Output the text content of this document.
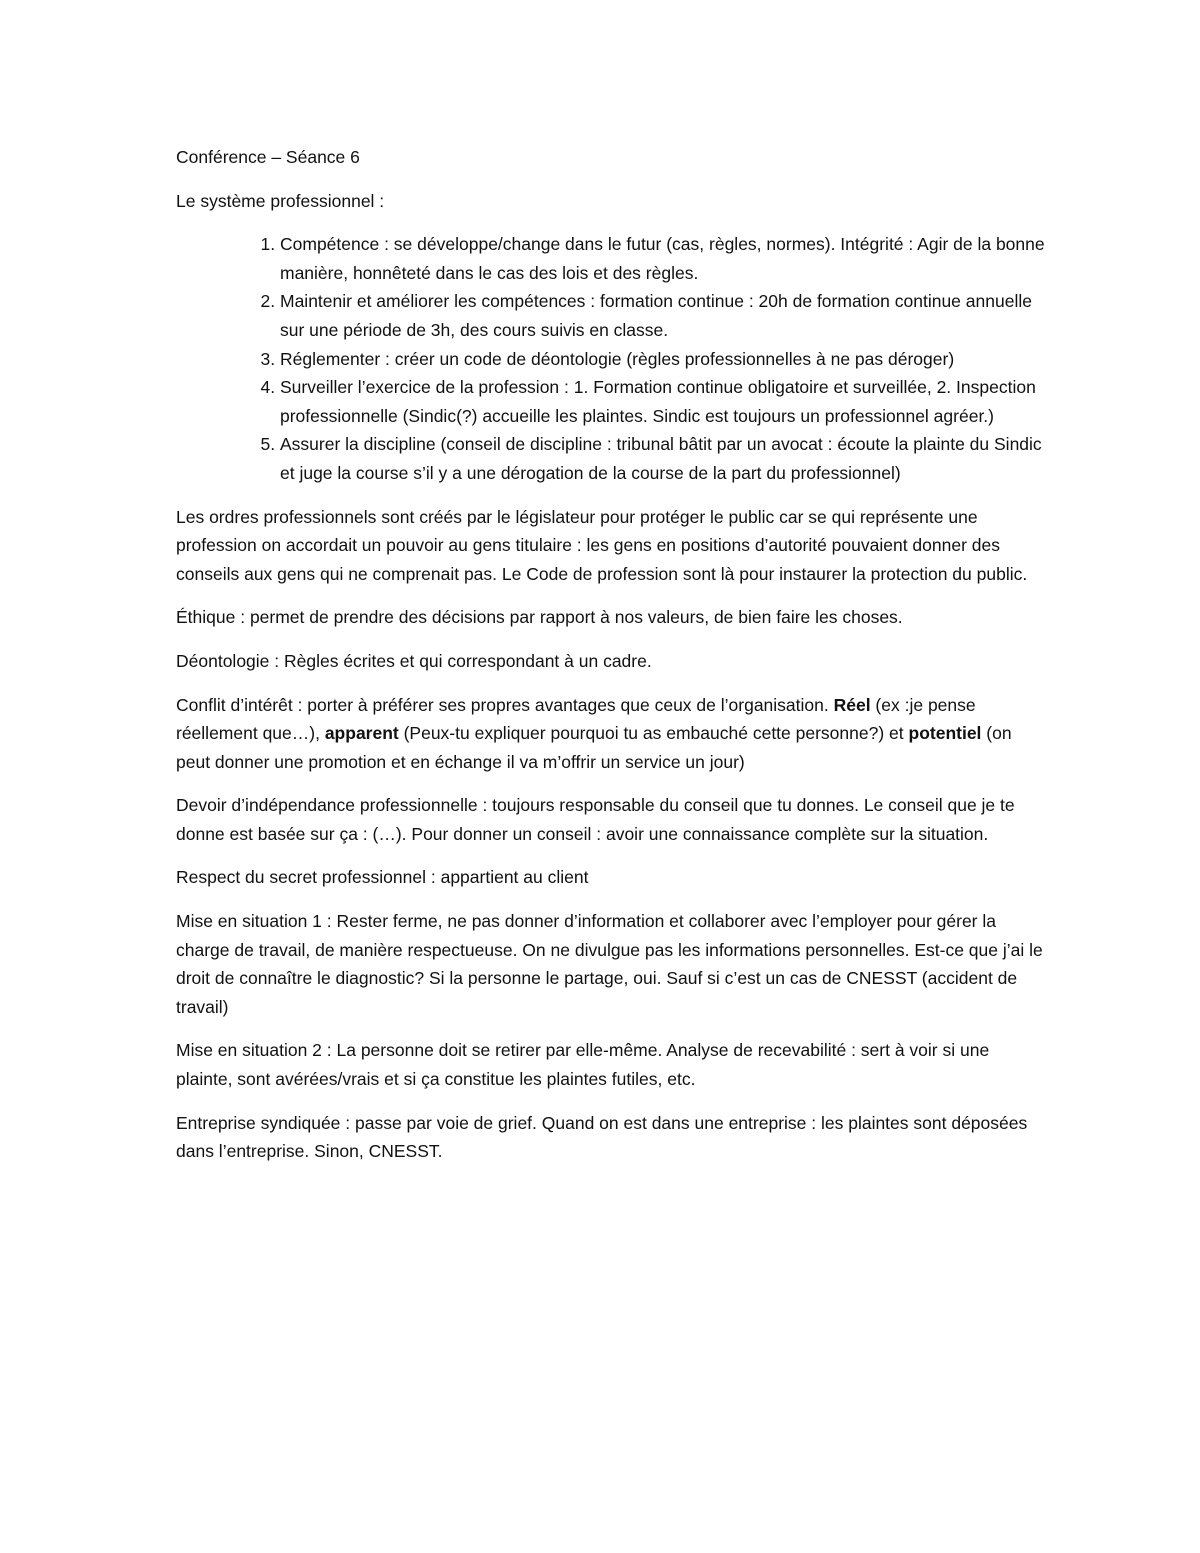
Conférence – Séance 6

Le système professionnel :

1. Compétence : se développe/change dans le futur (cas, règles, normes). Intégrité : Agir de la bonne manière, honnêteté dans le cas des lois et des règles.
2. Maintenir et améliorer les compétences : formation continue : 20h de formation continue annuelle sur une période de 3h, des cours suivis en classe.
3. Réglementer : créer un code de déontologie (règles professionnelles à ne pas déroger)
4. Surveiller l’exercice de la profession : 1. Formation continue obligatoire et surveillée, 2. Inspection professionnelle (Sindic(?) accueille les plaintes. Sindic est toujours un professionnel agréer.)
5. Assurer la discipline (conseil de discipline : tribunal bâtit par un avocat : écoute la plainte du Sindic et juge la course s’il y a une dérogation de la course de la part du professionnel)

Les ordres professionnels sont créés par le législateur pour protéger le public car se qui représente une profession on accordait un pouvoir au gens titulaire : les gens en positions d’autorité pouvaient donner des conseils aux gens qui ne comprenait pas. Le Code de profession sont là pour instaurer la protection du public.

Éthique : permet de prendre des décisions par rapport à nos valeurs, de bien faire les choses.

Déontologie : Règles écrites et qui correspondant à un cadre.

Conflit d’intérêt : porter à préférer ses propres avantages que ceux de l’organisation. Réel (ex :je pense réellement que…), apparent (Peux-tu expliquer pourquoi tu as embauché cette personne?) et potentiel (on peut donner une promotion et en échange il va m’offrir un service un jour)

Devoir d’indépendance professionnelle : toujours responsable du conseil que tu donnes. Le conseil que je te donne est basée sur ça : (…). Pour donner un conseil : avoir une connaissance complète sur la situation.

Respect du secret professionnel : appartient au client

Mise en situation 1 : Rester ferme, ne pas donner d’information et collaborer avec l’employer pour gérer la charge de travail, de manière respectueuse. On ne divulgue pas les informations personnelles. Est-ce que j’ai le droit de connaître le diagnostic? Si la personne le partage, oui. Sauf si c’est un cas de CNESST (accident de travail)

Mise en situation 2 : La personne doit se retirer par elle-même. Analyse de recevabilité : sert à voir si une plainte, sont avérées/vrais et si ça constitue les plaintes futiles, etc.

Entreprise syndiquée : passe par voie de grief. Quand on est dans une entreprise : les plaintes sont déposées dans l’entreprise. Sinon, CNESST.
